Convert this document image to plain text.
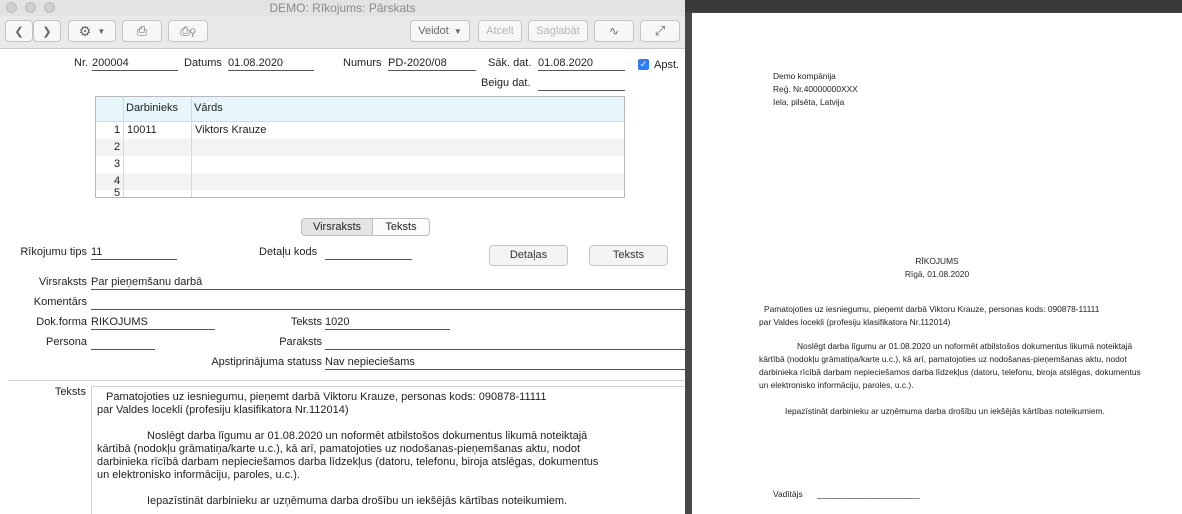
DEMO: Rīkojums: Pārskats
❮ ❯ ⚙ ▼ ⎙	⎙⚲	Veidot ▼ Atcelt Saglabāt ∿	⤢
Nr. 200004	Datums 01.08.2020	Numurs PD-2020/08	Sāk. dat. 01.08.2020	✓ Apst.
Beigu dat.
Darbinieks Vārds
1 10011	Viktors Krauze
2
3
4
5
Virsraksts	Teksts
Rīkojumu tips 11	Detaļu kods	Detaļas	Teksts
Virsraksts Par pieņemšanu darbā
Komentārs
Dok.forma RIKOJUMS	Teksts 1020
Persona	Paraksts
Apstiprinājuma statuss Nav nepieciešams
Teksts Pamatojoties uz iesniegumu, pieņemt darbā Viktoru Krauze, personas kods: 090878-11111
par Valdes locekli (profesiju klasifikatora Nr.112014)
Noslēgt darba līgumu ar 01.08.2020 un noformēt atbilstošos dokumentus likumā noteiktajā
kārtībā (nodokļu grāmatiņa/karte u.c.), kā arī, pamatojoties uz nodošanas-pieņemšanas aktu, nodot
darbinieka rīcībā darbam nepieciešamos darba līdzekļus (datoru, telefonu, biroja atslēgas, dokumentus
un elektronisko informāciju, paroles, u.c.).
Iepazīstināt darbinieku ar uzņēmuma darba drošību un iekšējās kārtības noteikumiem.
Demo kompānija
Reģ. Nr.40000000XXX
Iela, pilsēta, Latvija
RĪKOJUMS
Rīgā, 01.08.2020
Pamatojoties uz iesniegumu, pieņemt darbā Viktoru Krauze, personas kods: 090878-11111
par Valdes locekli (profesiju klasifikatora Nr.112014)
Noslēgt darba līgumu ar 01.08.2020 un noformēt atbilstošos dokumentus likumā noteiktajā
kārtībā (nodokļu grāmatiņa/karte u.c.), kā arī, pamatojoties uz nodošanas-pieņemšanas aktu, nodot
darbinieka rīcībā darbam nepieciešamos darba līdzekļus (datoru, telefonu, biroja atslēgas, dokumentus
un elektronisko informāciju, paroles, u.c.).
Iepazīstināt darbinieku ar uzņēmuma darba drošību un iekšējās kārtības noteikumiem.
Vadītājs ______________________
